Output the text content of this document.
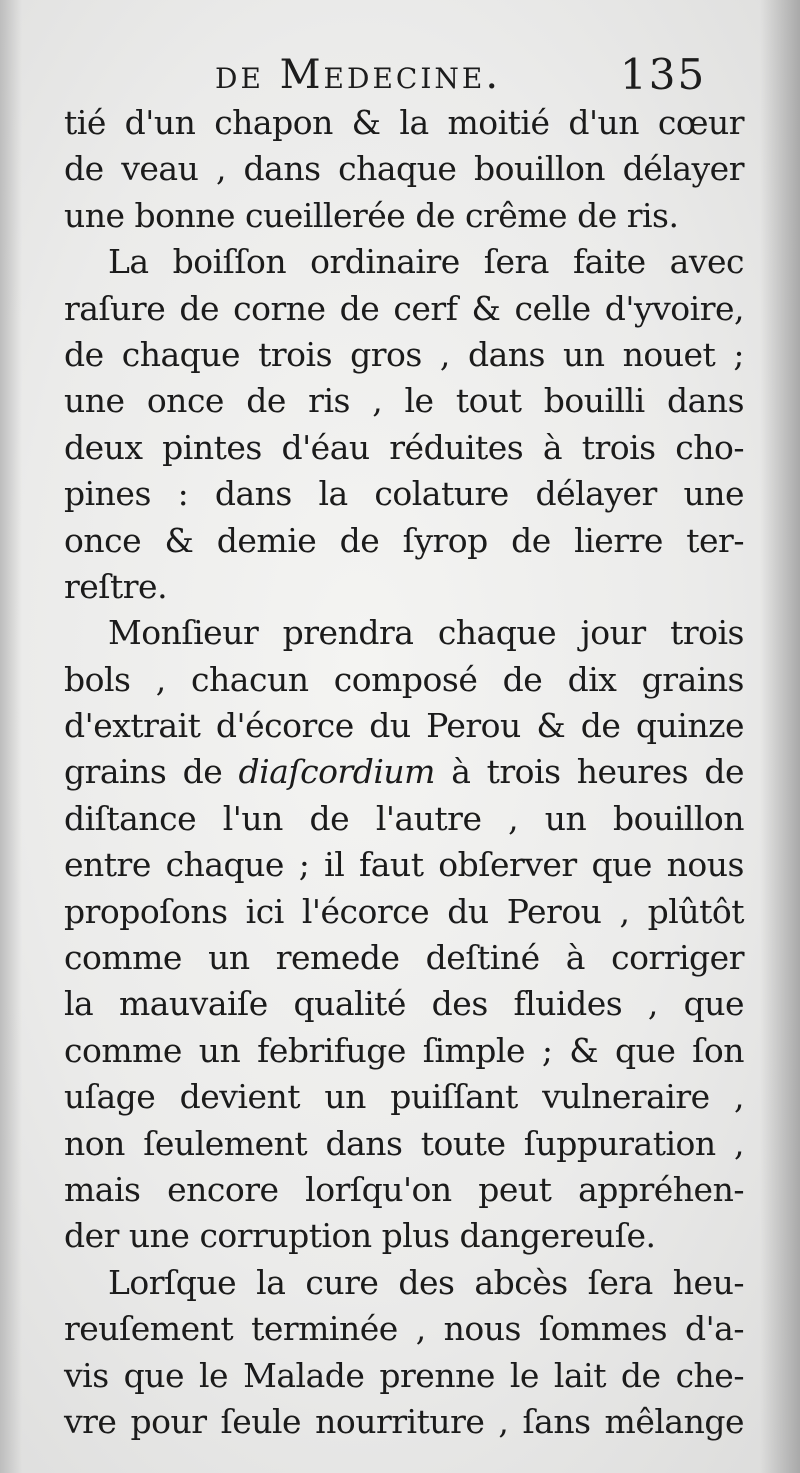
de Medecine.	135
tié d'un chapon & la moitié d'un cœur
de veau , dans chaque bouillon délayer
une bonne cueillerée de crême de ris.
La boiſſon ordinaire ſera faite avec
raſure de corne de cerf & celle d'yvoire,
de chaque trois gros , dans un nouet ;
une once de ris , le tout bouilli dans
deux pintes d'éau réduites à trois cho-
pines : dans la colature délayer une
once & demie de ſyrop de lierre ter-
reſtre.
Monſieur prendra chaque jour trois
bols , chacun composé de dix grains
d'extrait d'écorce du Perou & de quinze
grains de diaſcordium à trois heures de
diſtance l'un de l'autre , un bouillon
entre chaque ; il faut obſerver que nous
propoſons ici l'écorce du Perou , plûtôt
comme un remede deſtiné à corriger
la mauvaiſe qualité des fluides , que
comme un febrifuge ſimple ; & que ſon
uſage devient un puiſſant vulneraire ,
non ſeulement dans toute ſuppuration ,
mais encore lorſqu'on peut appréhen-
der une corruption plus dangereuſe.
Lorſque la cure des abcès ſera heu-
reuſement terminée , nous ſommes d'a-
vis que le Malade prenne le lait de che-
vre pour ſeule nourriture , ſans mêlange
